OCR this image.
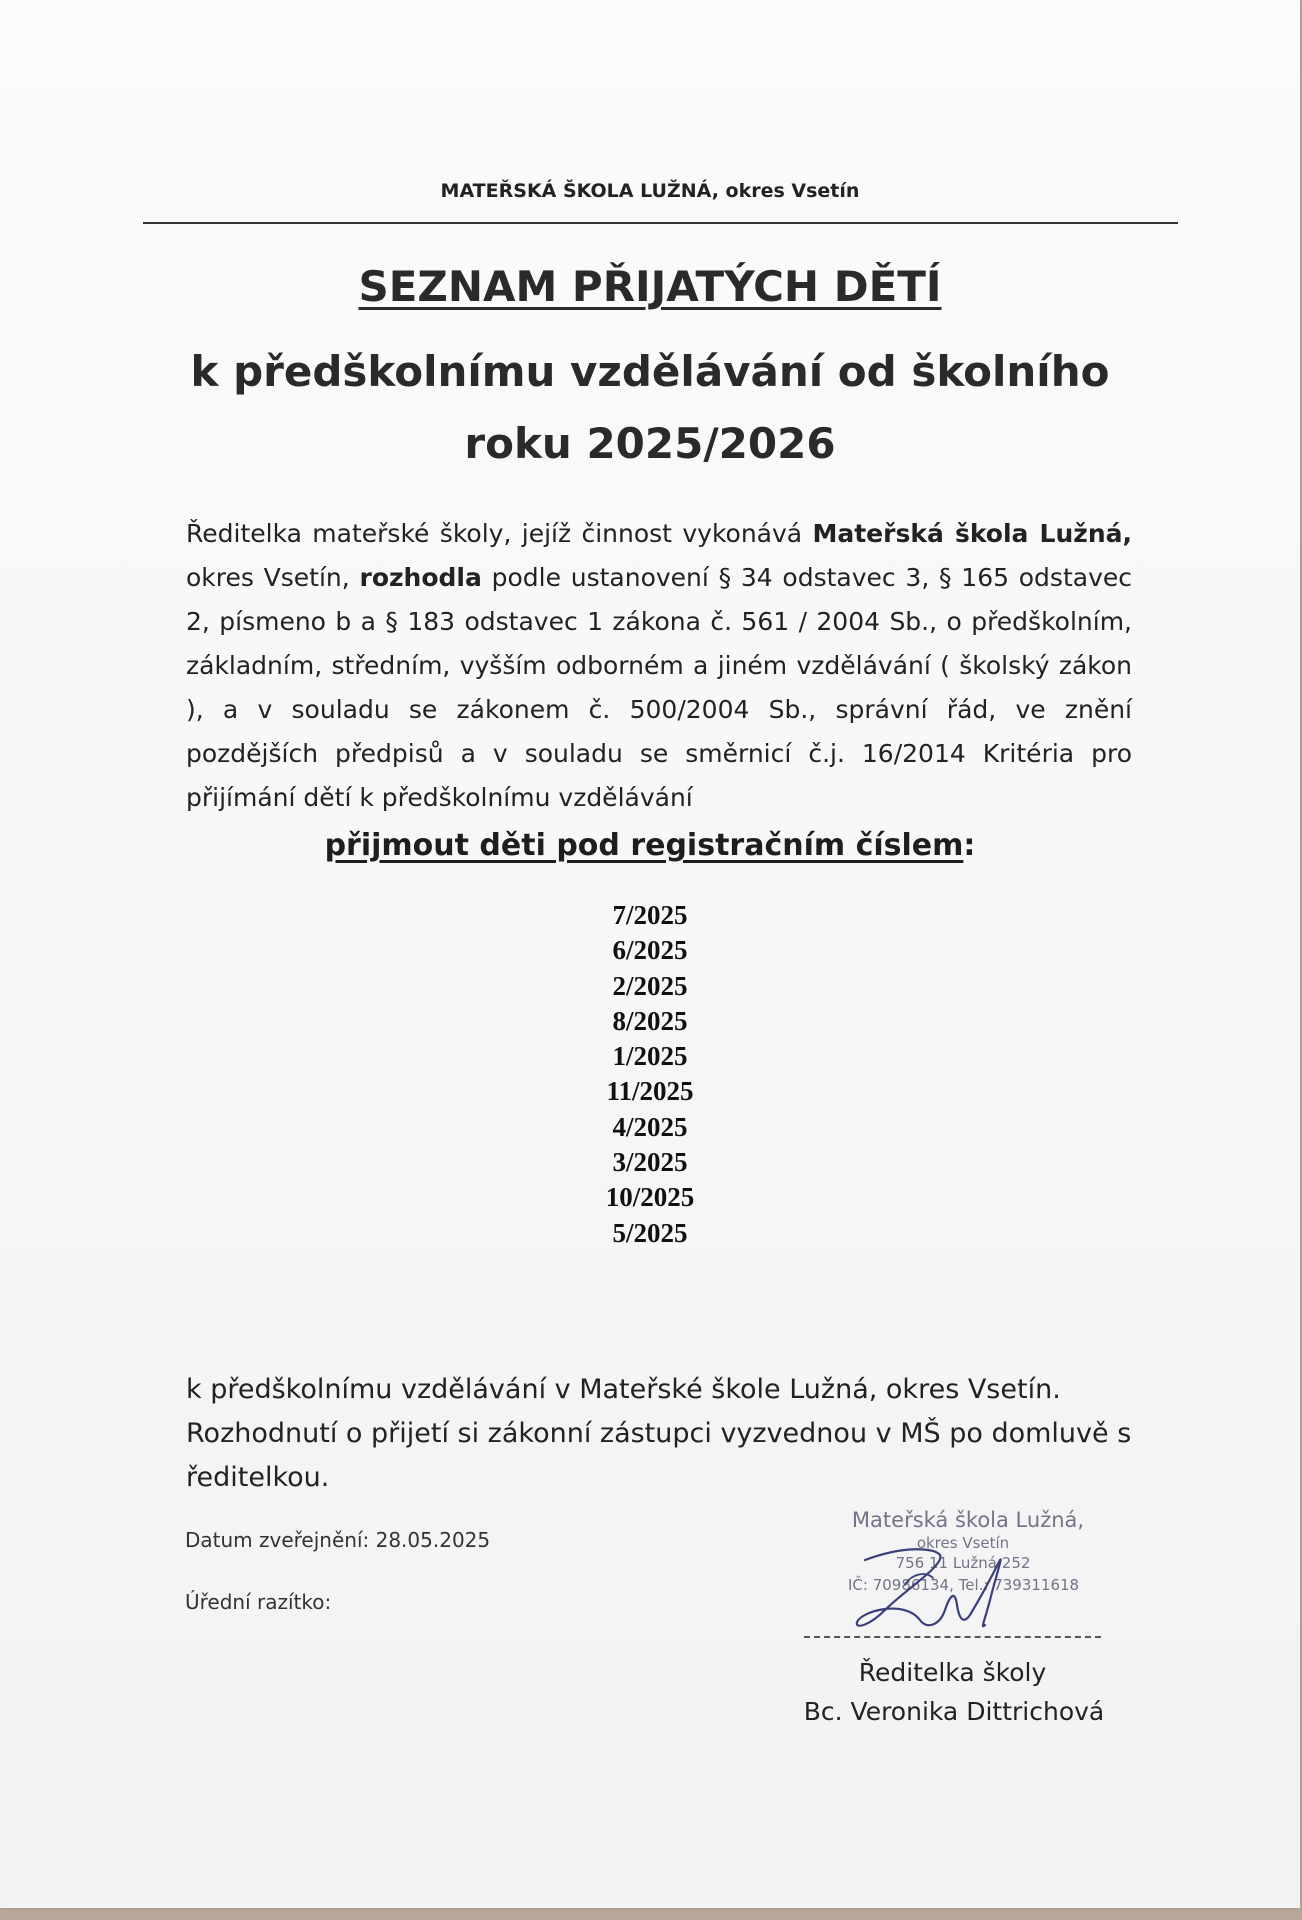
MATEŘSKÁ ŠKOLA LUŽNÁ, okres Vsetín
SEZNAM PŘIJATÝCH DĚTÍ
k předškolnímu vzdělávání od školního
roku 2025/2026
Ředitelka mateřské školy, jejíž činnost vykonává Mateřská škola Lužná, okres Vsetín, rozhodla podle ustanovení § 34 odstavec 3, § 165 odstavec 2, písmeno b a § 183 odstavec 1 zákona č. 561 / 2004 Sb., o předškolním, základním, středním, vyšším odborném a jiném vzdělávání ( školský zákon ), a v souladu se zákonem č. 500/2004 Sb., správní řád, ve znění pozdějších předpisů a v souladu se směrnicí č.j. 16/2014 Kritéria pro přijímání dětí k předškolnímu vzdělávání
přijmout děti pod registračním číslem:
7/2025
6/2025
2/2025
8/2025
1/2025
11/2025
4/2025
3/2025
10/2025
5/2025
k předškolnímu vzdělávání v Mateřské škole Lužná, okres Vsetín.
Rozhodnutí o přijetí si zákonní zástupci vyzvednou v MŠ po domluvě s ředitelkou.
Datum zveřejnění: 28.05.2025
Úřední razítko:
Mateřská škola Lužná,
okres Vsetín
756 11 Lužná 252
IČ: 70986134, Tel.: 739311618
Ředitelka školy
Bc. Veronika Dittrichová
